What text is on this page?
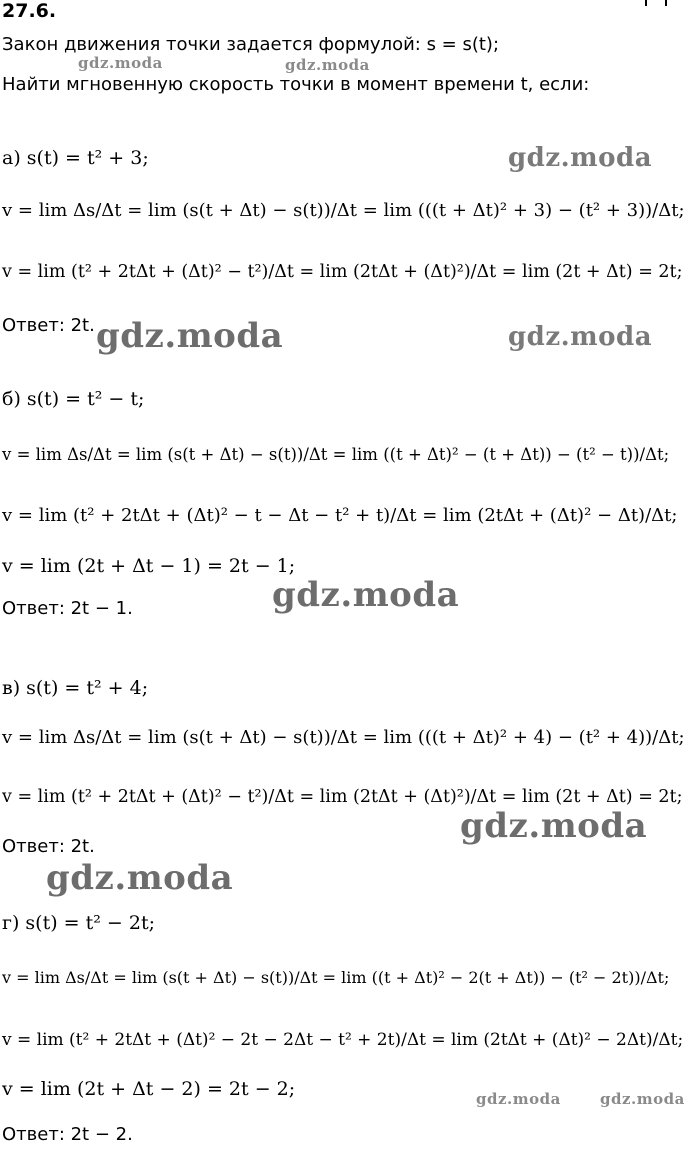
27.6.
Закон движения точки задается формулой: s = s(t);
Найти мгновенную скорость точки в момент времени t, если:
а) s(t) = t² + 3;
v = lim Δs/Δt = lim (s(t + Δt) − s(t))/Δt = lim (((t + Δt)² + 3) − (t² + 3))/Δt;
v = lim (t² + 2tΔt + (Δt)² − t²)/Δt = lim (2tΔt + (Δt)²)/Δt = lim (2t + Δt) = 2t;
Ответ: 2t.
б) s(t) = t² − t;
v = lim Δs/Δt = lim (s(t + Δt) − s(t))/Δt = lim ((t + Δt)² − (t + Δt)) − (t² − t))/Δt;
v = lim (t² + 2tΔt + (Δt)² − t − Δt − t² + t)/Δt = lim (2tΔt + (Δt)² − Δt)/Δt;
v = lim (2t + Δt − 1) = 2t − 1;
Ответ: 2t − 1.
в) s(t) = t² + 4;
v = lim Δs/Δt = lim (s(t + Δt) − s(t))/Δt = lim (((t + Δt)² + 4) − (t² + 4))/Δt;
v = lim (t² + 2tΔt + (Δt)² − t²)/Δt = lim (2tΔt + (Δt)²)/Δt = lim (2t + Δt) = 2t;
Ответ: 2t.
г) s(t) = t² − 2t;
v = lim Δs/Δt = lim (s(t + Δt) − s(t))/Δt = lim ((t + Δt)² − 2(t + Δt)) − (t² − 2t))/Δt;
v = lim (t² + 2tΔt + (Δt)² − 2t − 2Δt − t² + 2t)/Δt = lim (2tΔt + (Δt)² − 2Δt)/Δt;
v = lim (2t + Δt − 2) = 2t − 2;
Ответ: 2t − 2.
gdz.moda	gdz.moda
gdz.moda
gdz.moda	gdz.moda
gdz.moda
gdz.moda
gdz.moda
gdz.moda	gdz.moda
